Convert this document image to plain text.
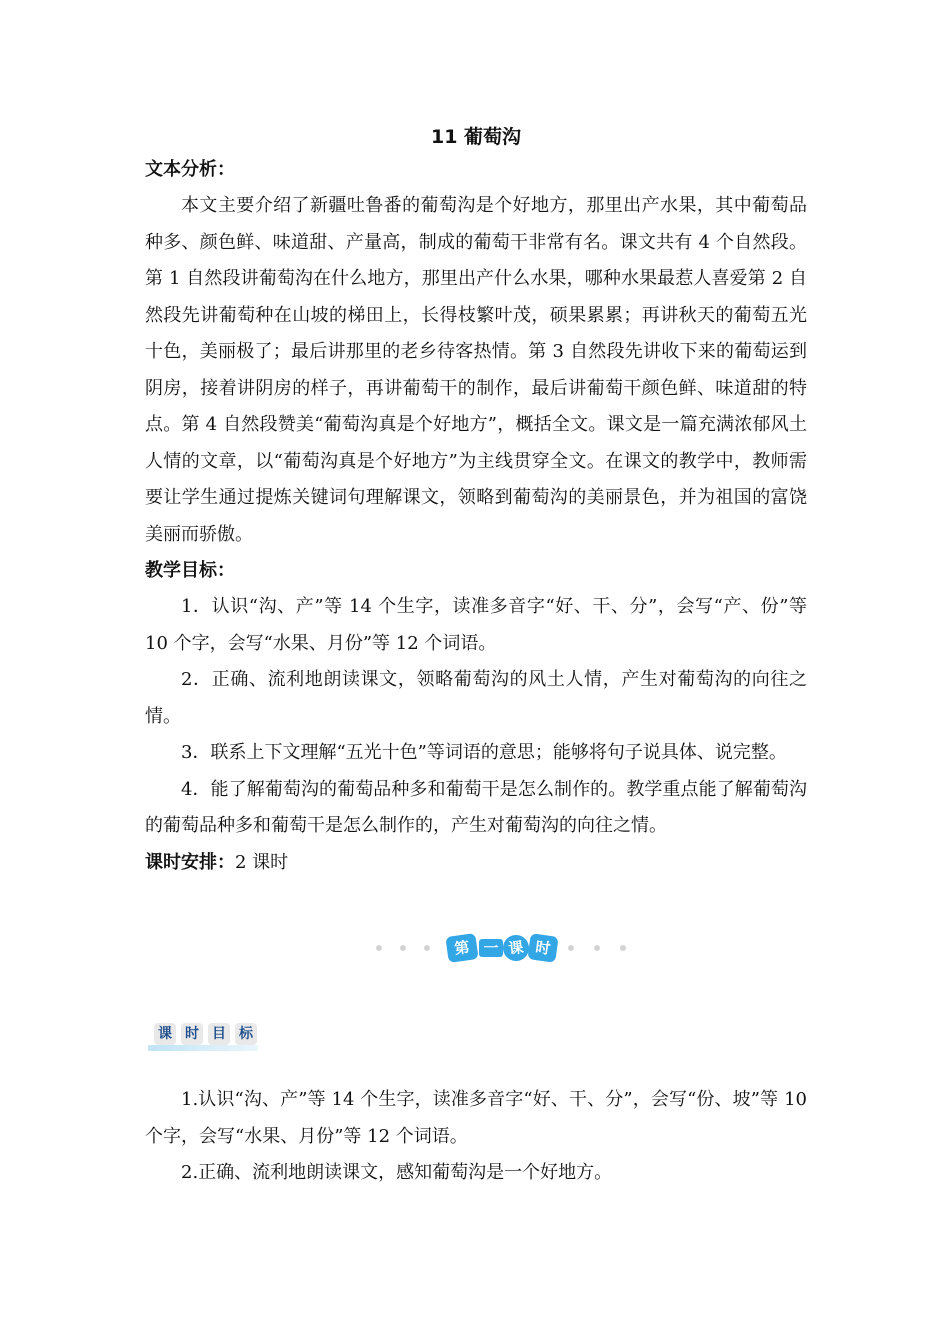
11 葡萄沟
文本分析：

本文主要介绍了新疆吐鲁番的葡萄沟是个好地方，那里出产水果，其中葡萄品种多、颜色鲜、味道甜、产量高，制成的葡萄干非常有名。课文共有 4 个自然段。第 1 自然段讲葡萄沟在什么地方，那里出产什么水果，哪种水果最惹人喜爱第 2 自然段先讲葡萄种在山坡的梯田上，长得枝繁叶茂，硕果累累；再讲秋天的葡萄五光十色，美丽极了；最后讲那里的老乡待客热情。第 3 自然段先讲收下来的葡萄运到阴房，接着讲阴房的样子，再讲葡萄干的制作，最后讲葡萄干颜色鲜、味道甜的特点。第 4 自然段赞美“葡萄沟真是个好地方”，概括全文。课文是一篇充满浓郁风土人情的文章，以“葡萄沟真是个好地方”为主线贯穿全文。在课文的教学中，教师需要让学生通过提炼关键词句理解课文，领略到葡萄沟的美丽景色，并为祖国的富饶美丽而骄傲。

教学目标：

1．认识“沟、产”等 14 个生字，读准多音字“好、干、分”，会写“产、份”等 10 个字，会写“水果、月份”等 12 个词语。

2．正确、流利地朗读课文，领略葡萄沟的风土人情，产生对葡萄沟的向往之情。

3．联系上下文理解“五光十色”等词语的意思；能够将句子说具体、说完整。

4．能了解葡萄沟的葡萄品种多和葡萄干是怎么制作的。教学重点能了解葡萄沟的葡萄品种多和葡萄干是怎么制作的，产生对葡萄沟的向往之情。

课时安排：2 课时
第 一 课 时
课 时 目 标

1.认识“沟、产”等 14 个生字，读准多音字“好、干、分”，会写“份、坡”等 10 个字，会写“水果、月份”等 12 个词语。

2.正确、流利地朗读课文，感知葡萄沟是一个好地方。
